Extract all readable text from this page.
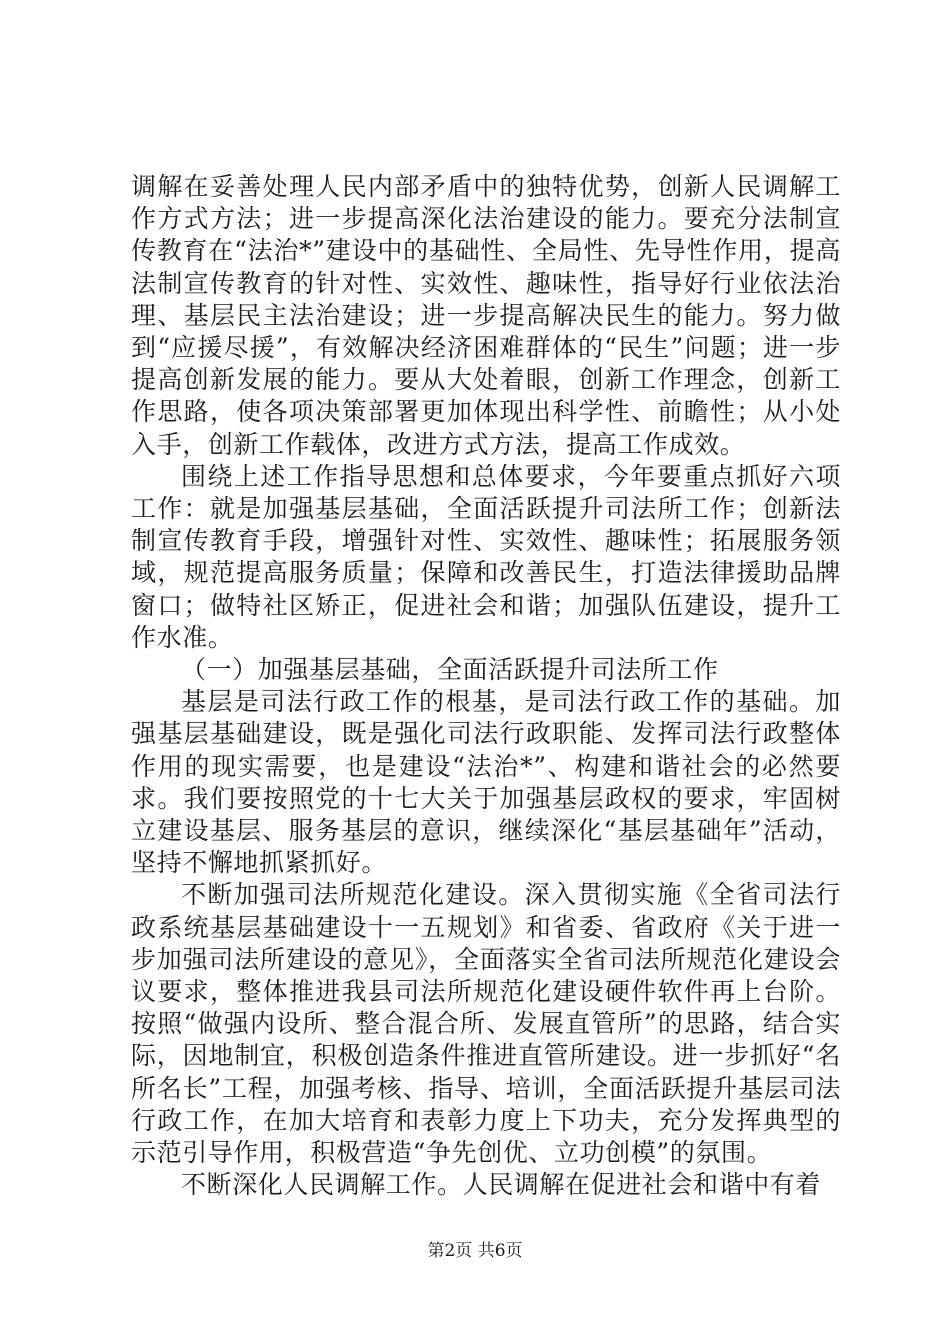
调解在妥善处理人民内部矛盾中的独特优势，创新人民调解工作方式方法；进一步提高深化法治建设的能力。要充分法制宣传教育在“法治*”建设中的基础性、全局性、先导性作用，提高法制宣传教育的针对性、实效性、趣味性，指导好行业依法治理、基层民主法治建设；进一步提高解决民生的能力。努力做到“应援尽援”，有效解决经济困难群体的“民生”问题；进一步提高创新发展的能力。要从大处着眼，创新工作理念，创新工作思路，使各项决策部署更加体现出科学性、前瞻性；从小处入手，创新工作载体，改进方式方法，提高工作成效。

围绕上述工作指导思想和总体要求，今年要重点抓好六项工作：就是加强基层基础，全面活跃提升司法所工作；创新法制宣传教育手段，增强针对性、实效性、趣味性；拓展服务领域，规范提高服务质量；保障和改善民生，打造法律援助品牌窗口；做特社区矫正，促进社会和谐；加强队伍建设，提升工作水准。

（一）加强基层基础，全面活跃提升司法所工作

基层是司法行政工作的根基，是司法行政工作的基础。加强基层基础建设，既是强化司法行政职能、发挥司法行政整体作用的现实需要，也是建设“法治*”、构建和谐社会的必然要求。我们要按照党的十七大关于加强基层政权的要求，牢固树立建设基层、服务基层的意识，继续深化“基层基础年”活动，坚持不懈地抓紧抓好。

不断加强司法所规范化建设。深入贯彻实施《全省司法行政系统基层基础建设十一五规划》和省委、省政府《关于进一步加强司法所建设的意见》，全面落实全省司法所规范化建设会议要求，整体推进我县司法所规范化建设硬件软件再上台阶。按照“做强内设所、整合混合所、发展直管所”的思路，结合实际，因地制宜，积极创造条件推进直管所建设。进一步抓好“名所名长”工程，加强考核、指导、培训，全面活跃提升基层司法行政工作，在加大培育和表彰力度上下功夫，充分发挥典型的示范引导作用，积极营造“争先创优、立功创模”的氛围。

不断深化人民调解工作。人民调解在促进社会和谐中有着

第2页 共6页
